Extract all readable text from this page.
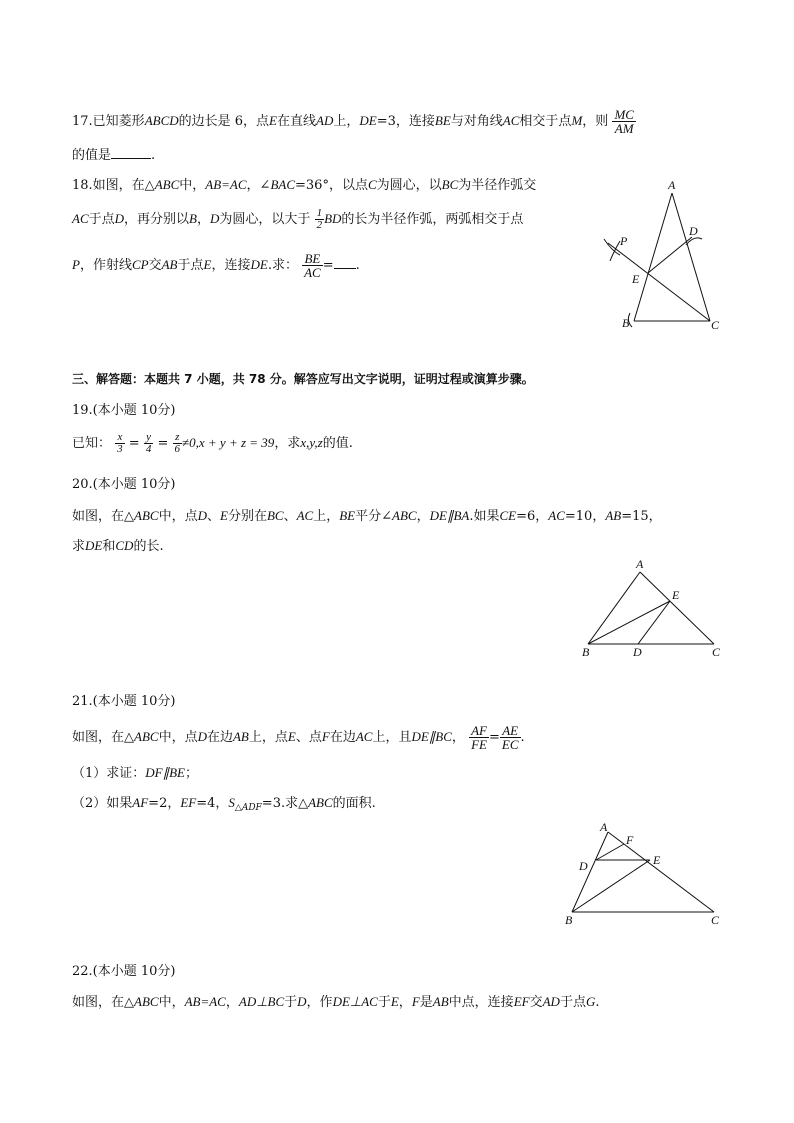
17.已知菱形ABCD的边长是 6，点E在直线AD上，DE=3，连接BE与对角线AC相交于点M，则 $\frac{MC}{AM}$
的值是	.
18.如图，在△ABC中，AB=AC，∠BAC=36°，以点C为圆心，以BC为半径作弧交
AC于点D，再分别以B，D为圆心，以大于 $\frac{1}{2}$ BD的长为半径作弧，两弧相交于点
P，作射线CP交AB于点E，连接DE.求： $\frac{BE}{AC}$ = .
A
B	C
D
E
P
三、解答题：本题共 7 小题，共 78 分。解答应写出文字说明，证明过程或演算步骤。
19.(本小题 10分)
已知： $\frac{x}{3} = \frac{y}{4} = \frac{z}{6} \ne 0,x + y + z = 39$，求x,y,z的值.
20.(本小题 10分)
如图，在△ABC中，点D、E分别在BC、AC上，BE平分∠ABC，DE∥BA.如果CE=6，AC=10，AB=15，
求DE和CD的长.
A
B	C
D
E
21.(本小题 10分)
如图，在△ABC中，点D在边AB上，点E、点F在边AC上，且DE∥BC， $\frac{AF}{FE} = \frac{AE}{EC}$ .
（1）求证：DF∥BE；
（2）如果AF=2，EF=4，$S_{\triangle ADF}=3$.求△ABC的面积.
A
B	C
D	E
F
22.(本小题 10分)
如图，在△ABC中，AB=AC，AD⊥BC于D，作DE⊥AC于E，F是AB中点，连接EF交AD于点G.
